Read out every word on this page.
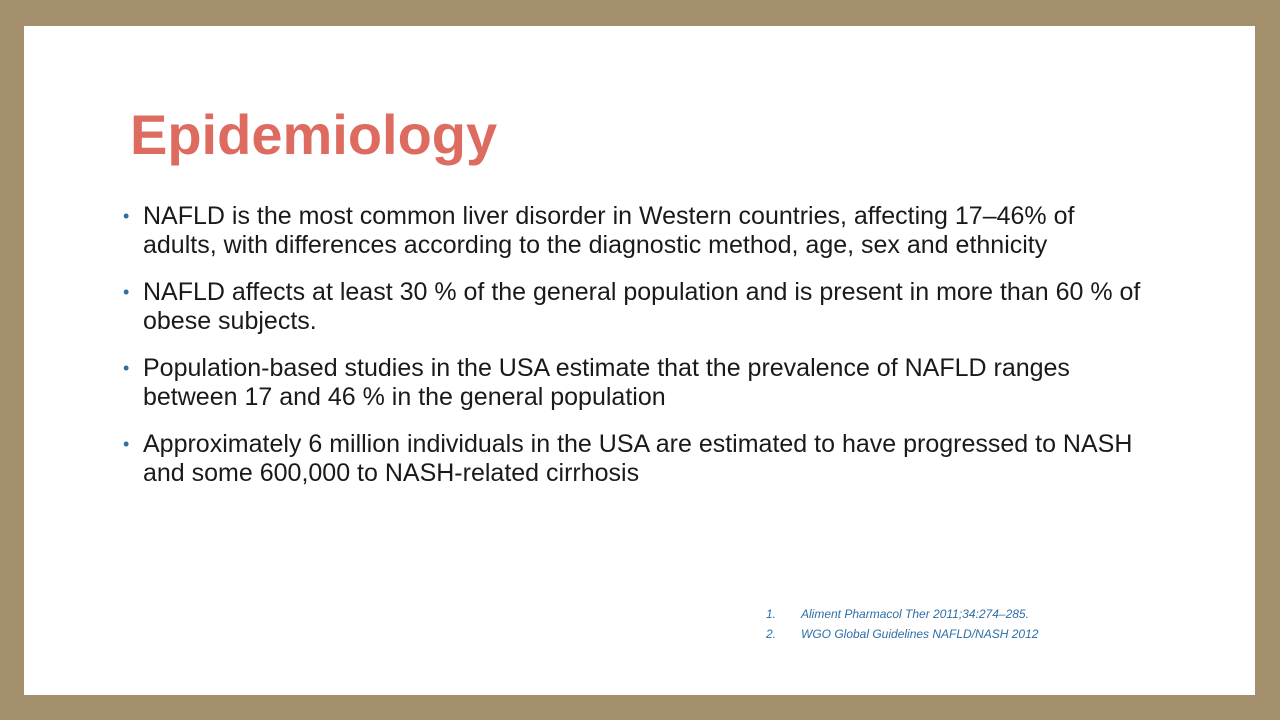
Epidemiology
• NAFLD is the most common liver disorder in Western countries, affecting 17–46% of adults, with differences according to the diagnostic method, age, sex and ethnicity
• NAFLD affects at least 30 % of the general population and is present in more than 60 % of obese subjects.
• Population-based studies in the USA estimate that the prevalence of NAFLD ranges between 17 and 46 % in the general population
• Approximately 6 million individuals in the USA are estimated to have progressed to NASH and some 600,000 to NASH-related cirrhosis
1. Aliment Pharmacol Ther 2011;34:274–285.
2. WGO Global Guidelines NAFLD/NASH 2012
